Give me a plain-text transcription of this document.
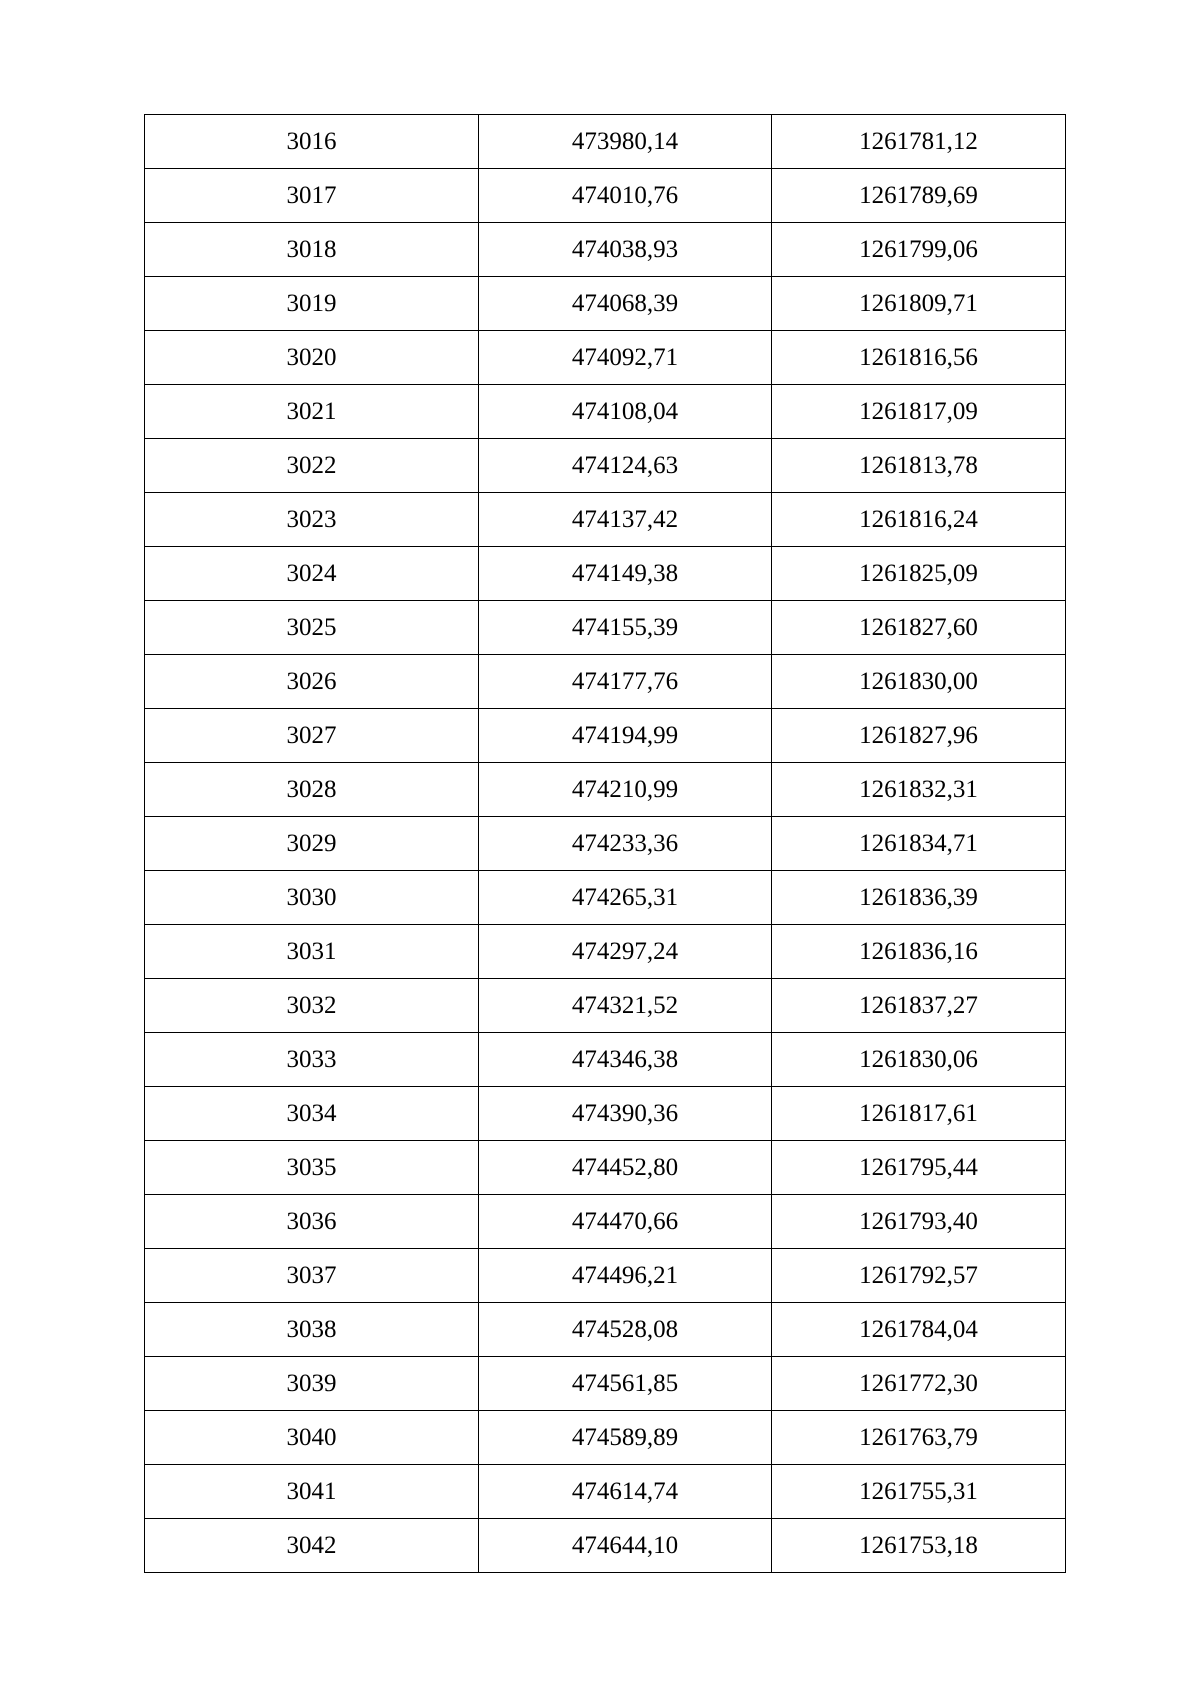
3016	473980,14	1261781,12
3017	474010,76	1261789,69
3018	474038,93	1261799,06
3019	474068,39	1261809,71
3020	474092,71	1261816,56
3021	474108,04	1261817,09
3022	474124,63	1261813,78
3023	474137,42	1261816,24
3024	474149,38	1261825,09
3025	474155,39	1261827,60
3026	474177,76	1261830,00
3027	474194,99	1261827,96
3028	474210,99	1261832,31
3029	474233,36	1261834,71
3030	474265,31	1261836,39
3031	474297,24	1261836,16
3032	474321,52	1261837,27
3033	474346,38	1261830,06
3034	474390,36	1261817,61
3035	474452,80	1261795,44
3036	474470,66	1261793,40
3037	474496,21	1261792,57
3038	474528,08	1261784,04
3039	474561,85	1261772,30
3040	474589,89	1261763,79
3041	474614,74	1261755,31
3042	474644,10	1261753,18
